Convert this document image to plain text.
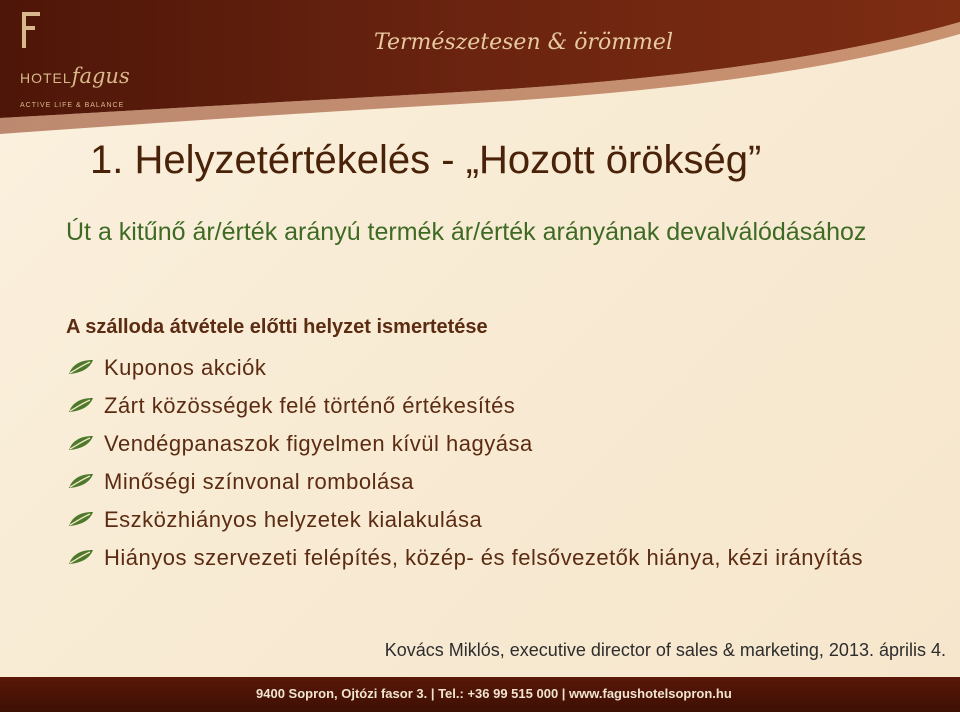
HOTELfagus
ACTIVE LIFE & BALANCE
Természetesen & örömmel
1. Helyzetértékelés - „Hozott örökség”
Út a kitűnő ár/érték arányú termék ár/érték arányának devalválódásához
A szálloda átvétele előtti helyzet ismertetése
Kuponos akciók
Zárt közösségek felé történő értékesítés
Vendégpanaszok figyelmen kívül hagyása
Minőségi színvonal rombolása
Eszközhiányos helyzetek kialakulása
Hiányos szervezeti felépítés, közép- és felsővezetők hiánya, kézi irányítás
Kovács Miklós, executive director of sales & marketing, 2013. április 4.
9400 Sopron, Ojtózi fasor 3. | Tel.: +36 99 515 000 | www.fagushotelsopron.hu
